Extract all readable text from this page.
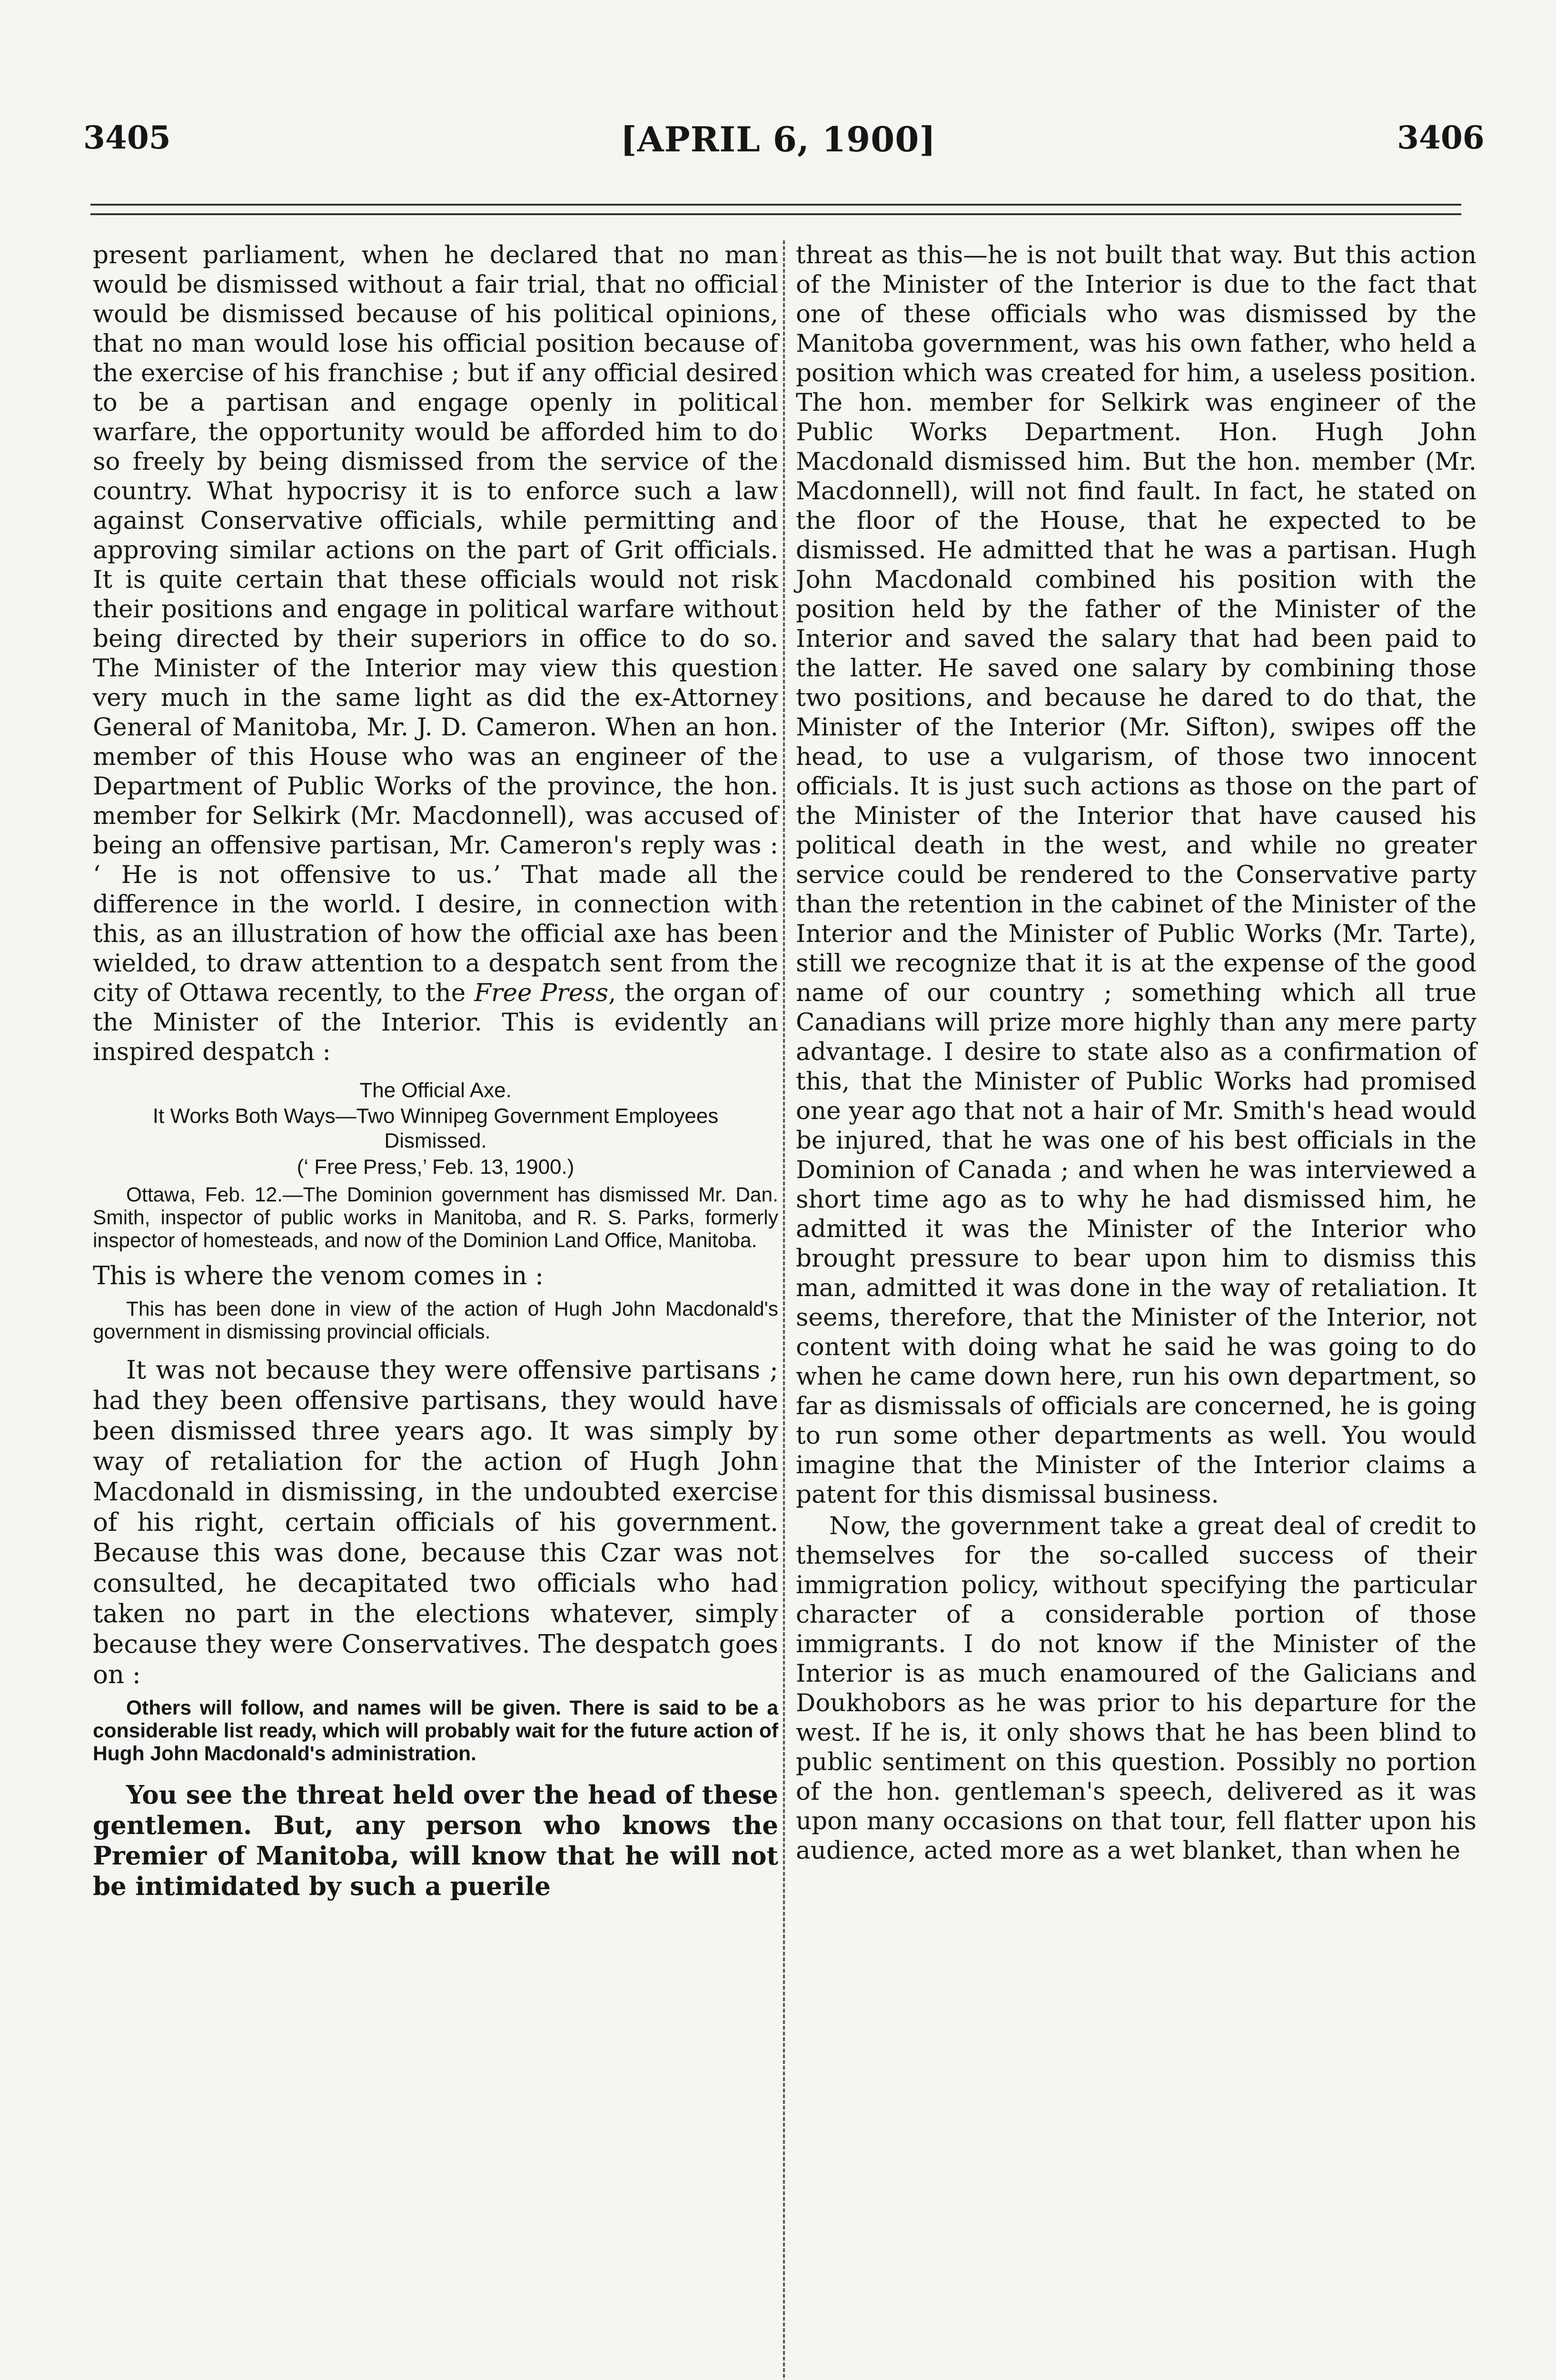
3405	[APRIL 6, 1900]	3406

present parliament, when he declared that no man would be dismissed without a fair trial, that no official would be dismissed because of his political opinions, that no man would lose his official position because of the exercise of his franchise ; but if any official desired to be a partisan and engage openly in political warfare, the opportunity would be afforded him to do so freely by being dismissed from the service of the country. What hypocrisy it is to enforce such a law against Conservative officials, while permitting and approving similar actions on the part of Grit officials. It is quite certain that these officials would not risk their positions and engage in political warfare without being directed by their superiors in office to do so. The Minister of the Interior may view this question very much in the same light as did the ex-Attorney General of Manitoba, Mr. J. D. Cameron. When an hon. member of this House who was an engineer of the Department of Public Works of the province, the hon. member for Selkirk (Mr. Macdonnell), was accused of being an offensive partisan, Mr. Cameron's reply was : ‘ He is not offensive to us.’ That made all the difference in the world. I desire, in connection with this, as an illustration of how the official axe has been wielded, to draw attention to a despatch sent from the city of Ottawa recently, to the Free Press, the organ of the Minister of the Interior. This is evidently an inspired despatch :

The Official Axe.
It Works Both Ways—Two Winnipeg Government Employees Dismissed.
(‘ Free Press,’ Feb. 13, 1900.)
Ottawa, Feb. 12.—The Dominion government has dismissed Mr. Dan. Smith, inspector of public works in Manitoba, and R. S. Parks, formerly inspector of homesteads, and now of the Dominion Land Office, Manitoba.

This is where the venom comes in :

This has been done in view of the action of Hugh John Macdonald's government in dismissing provincial officials.

It was not because they were offensive partisans ; had they been offensive partisans, they would have been dismissed three years ago. It was simply by way of retaliation for the action of Hugh John Macdonald in dismissing, in the undoubted exercise of his right, certain officials of his government. Because this was done, because this Czar was not consulted, he decapitated two officials who had taken no part in the elections whatever, simply because they were Conservatives. The despatch goes on :

Others will follow, and names will be given. There is said to be a considerable list ready, which will probably wait for the future action of Hugh John Macdonald's administration.

You see the threat held over the head of these gentlemen. But, any person who knows the Premier of Manitoba, will know that he will not be intimidated by such a puerile

threat as this—he is not built that way. But this action of the Minister of the Interior is due to the fact that one of these officials who was dismissed by the Manitoba government, was his own father, who held a position which was created for him, a useless position. The hon. member for Selkirk was engineer of the Public Works Department. Hon. Hugh John Macdonald dismissed him. But the hon. member (Mr. Macdonnell), will not find fault. In fact, he stated on the floor of the House, that he expected to be dismissed. He admitted that he was a partisan. Hugh John Macdonald combined his position with the position held by the father of the Minister of the Interior and saved the salary that had been paid to the latter. He saved one salary by combining those two positions, and because he dared to do that, the Minister of the Interior (Mr. Sifton), swipes off the head, to use a vulgarism, of those two innocent officials. It is just such actions as those on the part of the Minister of the Interior that have caused his political death in the west, and while no greater service could be rendered to the Conservative party than the retention in the cabinet of the Minister of the Interior and the Minister of Public Works (Mr. Tarte), still we recognize that it is at the expense of the good name of our country ; something which all true Canadians will prize more highly than any mere party advantage. I desire to state also as a confirmation of this, that the Minister of Public Works had promised one year ago that not a hair of Mr. Smith's head would be injured, that he was one of his best officials in the Dominion of Canada ; and when he was interviewed a short time ago as to why he had dismissed him, he admitted it was the Minister of the Interior who brought pressure to bear upon him to dismiss this man, admitted it was done in the way of retaliation. It seems, therefore, that the Minister of the Interior, not content with doing what he said he was going to do when he came down here, run his own department, so far as dismissals of officials are concerned, he is going to run some other departments as well. You would imagine that the Minister of the Interior claims a patent for this dismissal business.

Now, the government take a great deal of credit to themselves for the so-called success of their immigration policy, without specifying the particular character of a considerable portion of those immigrants. I do not know if the Minister of the Interior is as much enamoured of the Galicians and Doukhobors as he was prior to his departure for the west. If he is, it only shows that he has been blind to public sentiment on this question. Possibly no portion of the hon. gentleman's speech, delivered as it was upon many occasions on that tour, fell flatter upon his audience, acted more as a wet blanket, than when he
